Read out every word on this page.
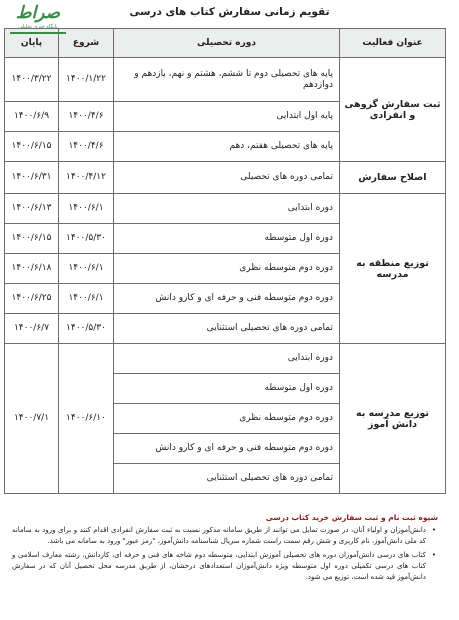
صراط
پایگاه خبری تحلیلی
تقویم زمانی سفارش کتاب های درسی
عنوان فعالیت	دوره تحصیلی	شروع	پایان
ثبت سفارش گروهی و انفرادی	پایه های تحصیلی دوم تا ششم، هشتم و نهم، یازدهم و دوازدهم	۱۴۰۰/۱/۲۲	۱۴۰۰/۳/۲۲
	پایه اول ابتدایی	۱۴۰۰/۴/۶	۱۴۰۰/۶/۹
	پایه های تحصیلی هفتم، دهم	۱۴۰۰/۴/۶	۱۴۰۰/۶/۱۵
اصلاح سفارش	تمامی دوره های تحصیلی	۱۴۰۰/۴/۱۲	۱۴۰۰/۶/۳۱
توزیع منطقه به مدرسه	دوره ابتدایی	۱۴۰۰/۶/۱	۱۴۰۰/۶/۱۳
	دوره اول متوسطه	۱۴۰۰/۵/۳۰	۱۴۰۰/۶/۱۵
	دوره دوم متوسطه نظری	۱۴۰۰/۶/۱	۱۴۰۰/۶/۱۸
	دوره دوم متوسطه فنی و حرفه ای و کارو دانش	۱۴۰۰/۶/۱	۱۴۰۰/۶/۲۵
	تمامی دوره های تحصیلی استثنایی	۱۴۰۰/۵/۳۰	۱۴۰۰/۶/۷
توزیع مدرسه به دانش آموز	دوره ابتدایی	۱۴۰۰/۶/۱۰	۱۴۰۰/۷/۱
	دوره اول متوسطه		
	دوره دوم متوسطه نظری		
	دوره دوم متوسطه فنی و حرفه ای و کارو دانش		
	تمامی دوره های تحصیلی استثنایی		
شیوه ثبت نام و ثبت سفارش خرید کتاب درسی
• دانش‌آموزان و اولیاء آنان، در صورت تمایل می توانند از طریق سامانه مذکور نسبت به ثبت سفارش انفرادی اقدام کنند و برای ورود به سامانه کد ملی دانش‌آموز، نام کاربری و شش رقم سمت راست شماره سریال شناسنامه دانش‌آموز، "رمز عبور" ورود به سامانه می باشد.
• کتاب های درسی دانش‌آموزان دوره های تحصیلی آموزش ابتدایی، متوسطه دوم شاخه های فنی و حرفه ای، کاردانش، رشته معارف اسلامی و کتاب های درسی تکمیلی دوره اول متوسطه ویژه دانش‌آموزان استعدادهای درخشان، از طریق مدرسه محل تحصیل آنان که در سفارش دانش‌آموز قید شده است، توزیع می شود.
